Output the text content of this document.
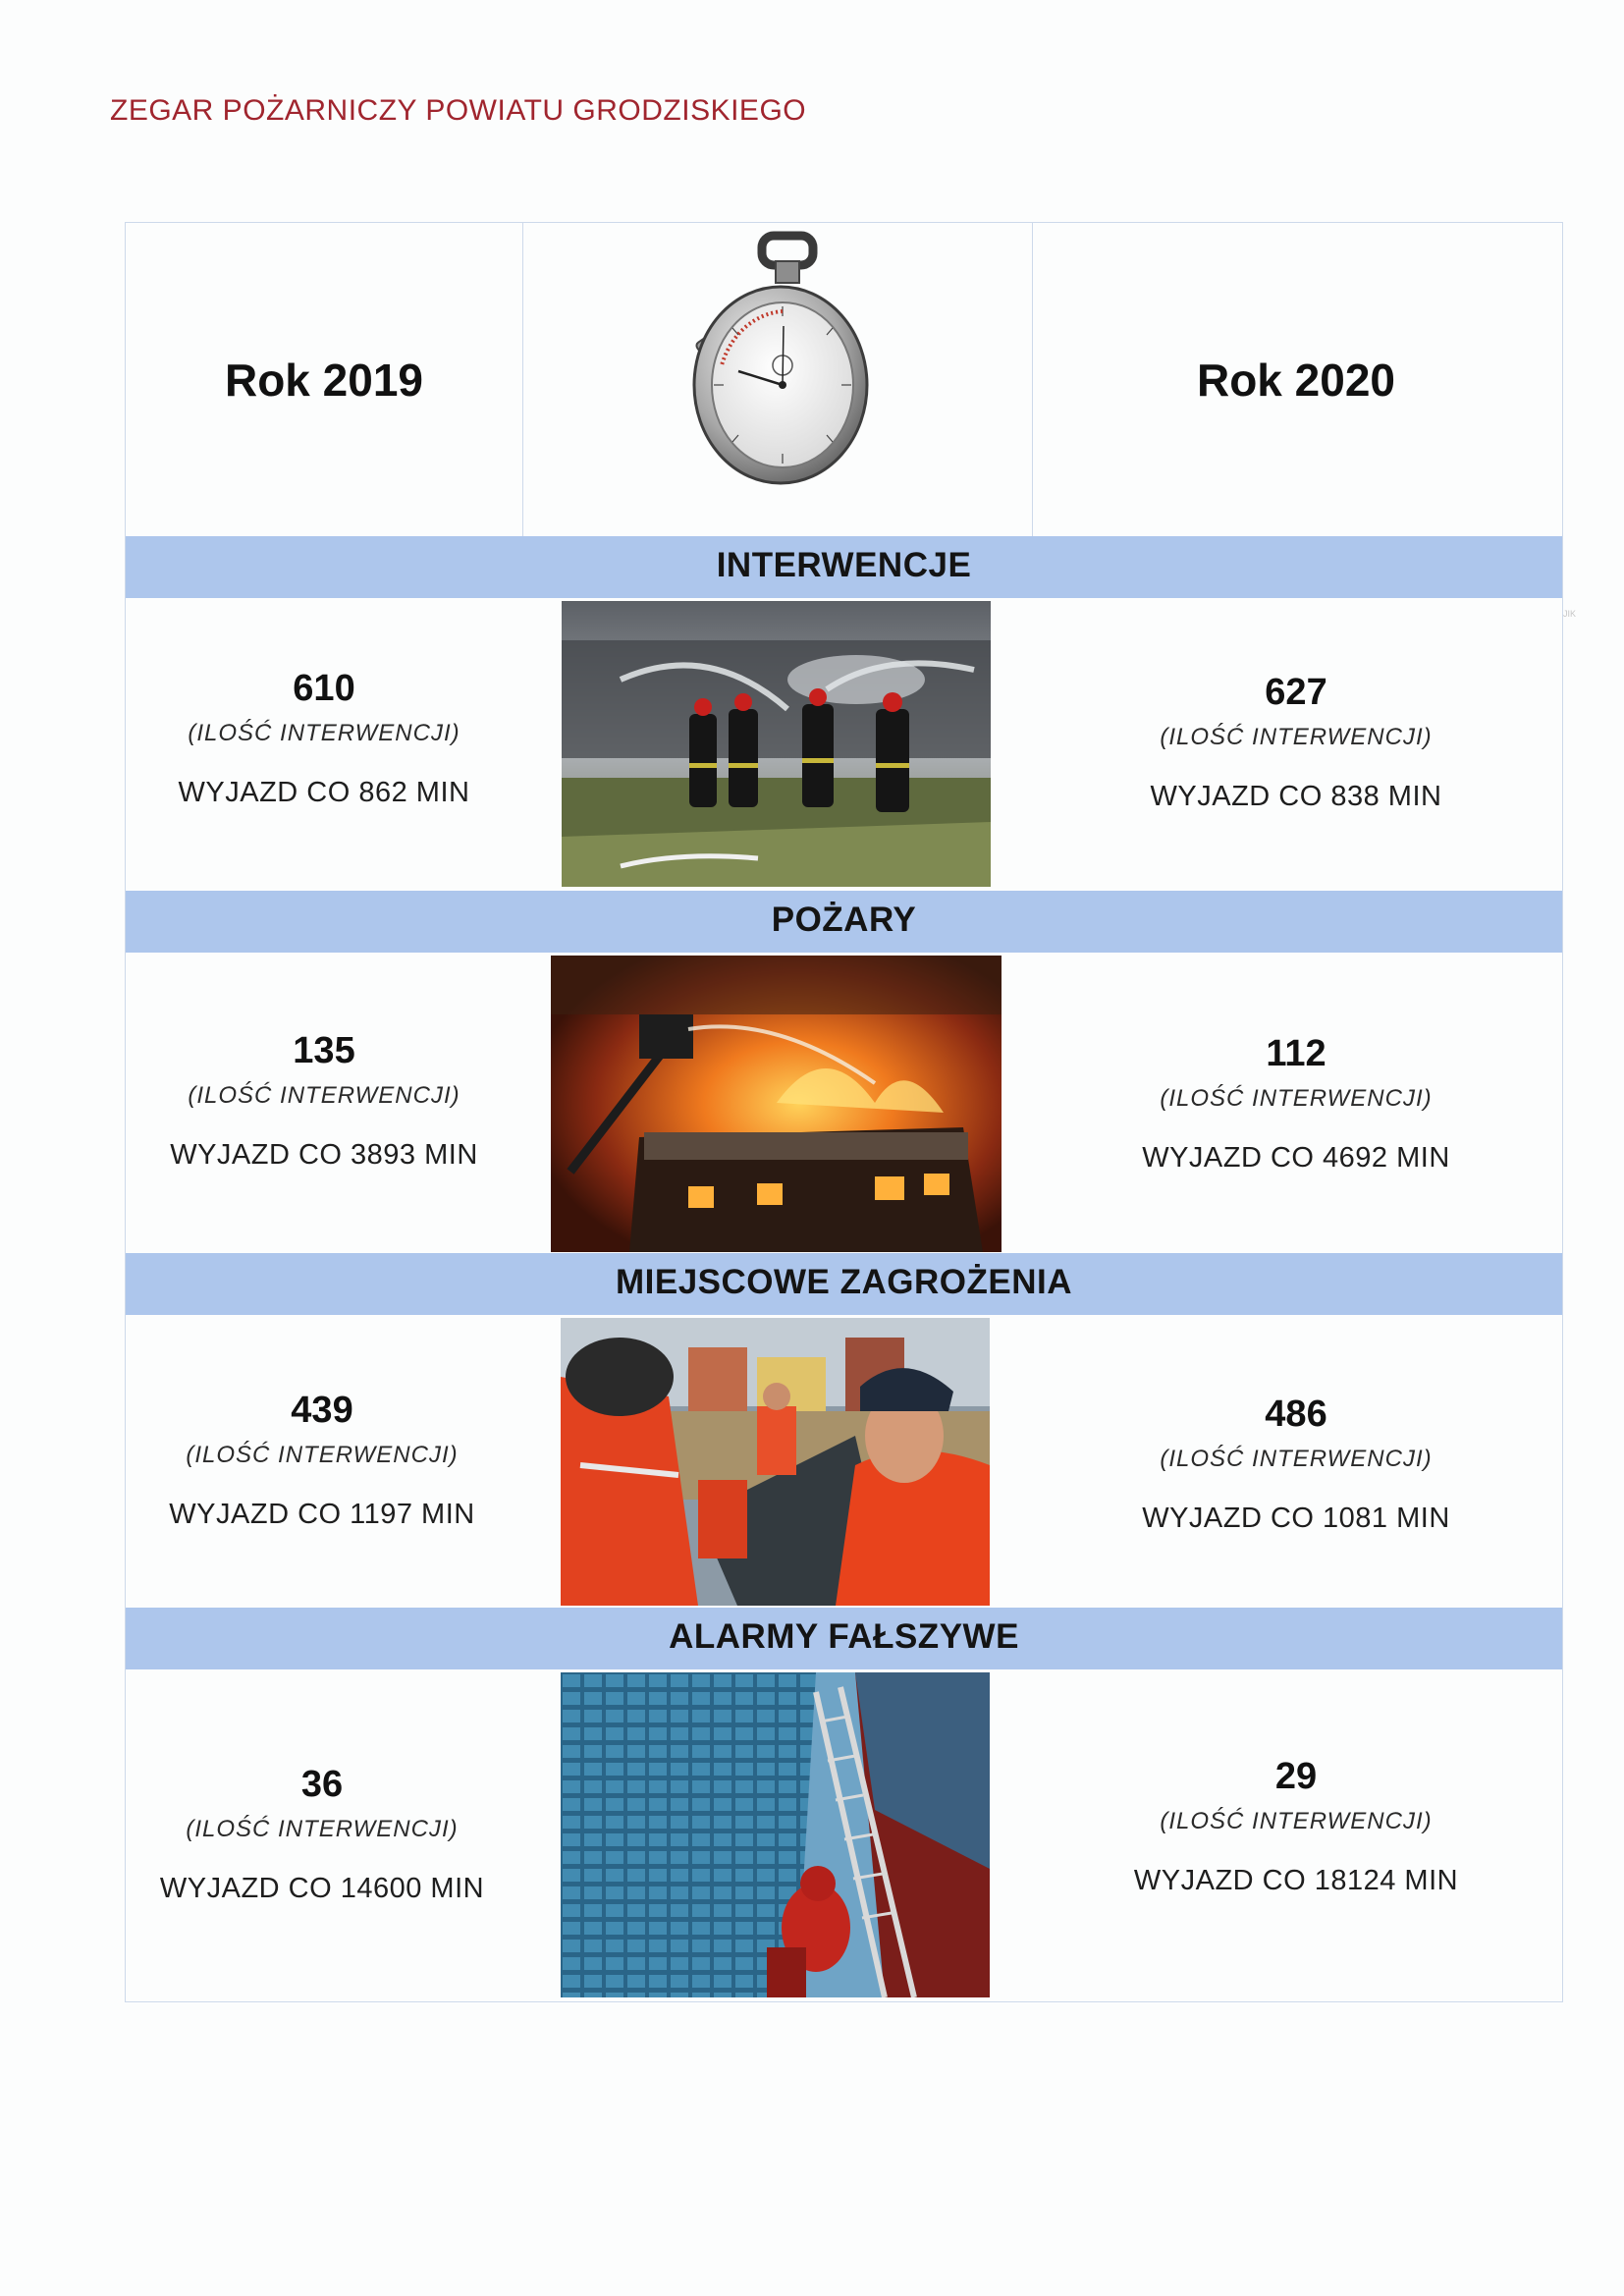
ZEGAR POŻARNICZY POWIATU GRODZISKIEGO
Rok 2019	Rok 2020
INTERWENCJE
610
(ILOŚĆ INTERWENCJI)
WYJAZD CO 862 MIN
627
(ILOŚĆ INTERWENCJI)
WYJAZD CO 838 MIN
POŻARY
135
(ILOŚĆ INTERWENCJI)
WYJAZD CO 3893 MIN
112
(ILOŚĆ INTERWENCJI)
WYJAZD CO 4692 MIN
MIEJSCOWE ZAGROŻENIA
439
(ILOŚĆ INTERWENCJI)
WYJAZD CO 1197 MIN
486
(ILOŚĆ INTERWENCJI)
WYJAZD CO 1081 MIN
ALARMY FAŁSZYWE
36
(ILOŚĆ INTERWENCJI)
WYJAZD CO 14600 MIN
29
(ILOŚĆ INTERWENCJI)
WYJAZD CO 18124 MIN
JIK
